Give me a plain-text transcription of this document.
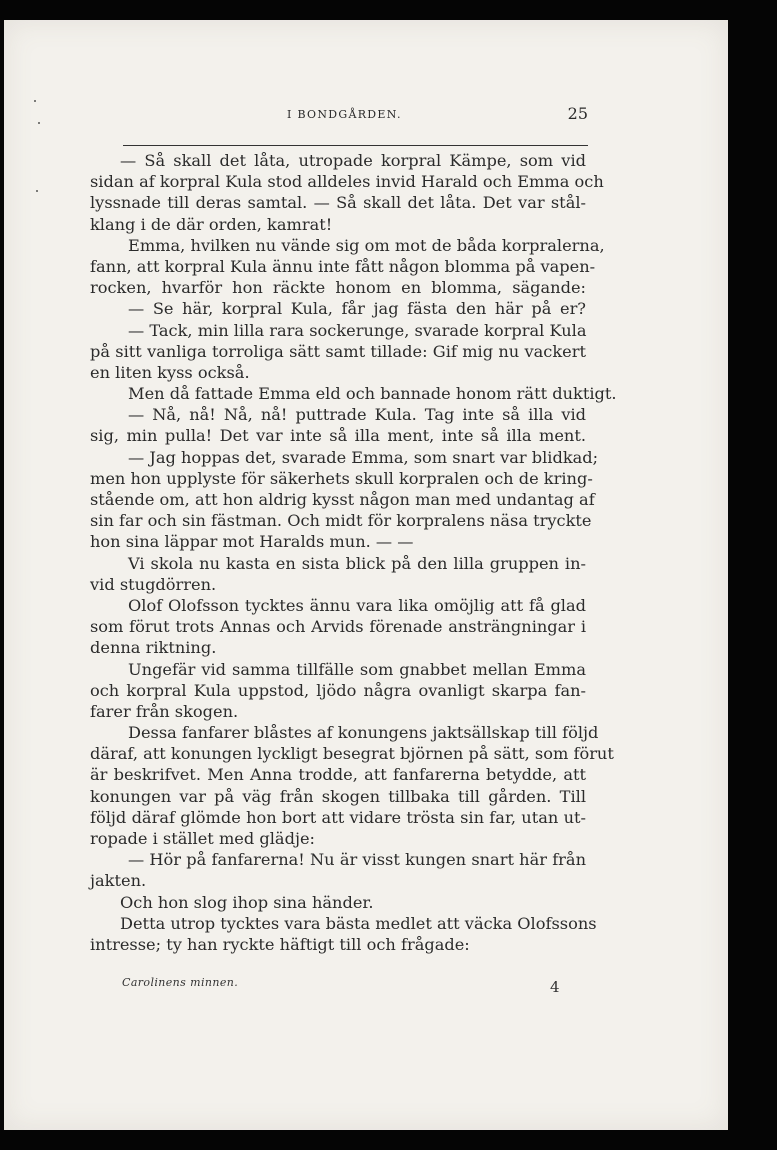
I BONDGÅRDEN.	25
— Så skall det låta, utropade korpral Kämpe, som vid
sidan af korpral Kula stod alldeles invid Harald och Emma och
lyssnade till deras samtal. — Så skall det låta. Det var stål-
klang i de där orden, kamrat!
Emma, hvilken nu vände sig om mot de båda korpralerna,
fann, att korpral Kula ännu inte fått någon blomma på vapen-
rocken, hvarför hon räckte honom en blomma, sägande:
— Se här, korpral Kula, får jag fästa den här på er?
— Tack, min lilla rara sockerunge, svarade korpral Kula
på sitt vanliga torroliga sätt samt tillade: Gif mig nu vackert
en liten kyss också.
Men då fattade Emma eld och bannade honom rätt duktigt.
— Nå, nå! Nå, nå! puttrade Kula. Tag inte så illa vid
sig, min pulla! Det var inte så illa ment, inte så illa ment.
— Jag hoppas det, svarade Emma, som snart var blidkad;
men hon upplyste för säkerhets skull korpralen och de kring-
stående om, att hon aldrig kysst någon man med undantag af
sin far och sin fästman. Och midt för korpralens näsa tryckte
hon sina läppar mot Haralds mun. — —
Vi skola nu kasta en sista blick på den lilla gruppen in-
vid stugdörren.
Olof Olofsson tycktes ännu vara lika omöjlig att få glad
som förut trots Annas och Arvids förenade ansträngningar i
denna riktning.
Ungefär vid samma tillfälle som gnabbet mellan Emma
och korpral Kula uppstod, ljödo några ovanligt skarpa fan-
farer från skogen.
Dessa fanfarer blåstes af konungens jaktsällskap till följd
däraf, att konungen lyckligt besegrat björnen på sätt, som förut
är beskrifvet. Men Anna trodde, att fanfarerna betydde, att
konungen var på väg från skogen tillbaka till gården. Till
följd däraf glömde hon bort att vidare trösta sin far, utan ut-
ropade i stället med glädje:
— Hör på fanfarerna! Nu är visst kungen snart här från
jakten.
Och hon slog ihop sina händer.
Detta utrop tycktes vara bästa medlet att väcka Olofssons
intresse; ty han ryckte häftigt till och frågade:
Carolinens minnen.	4
